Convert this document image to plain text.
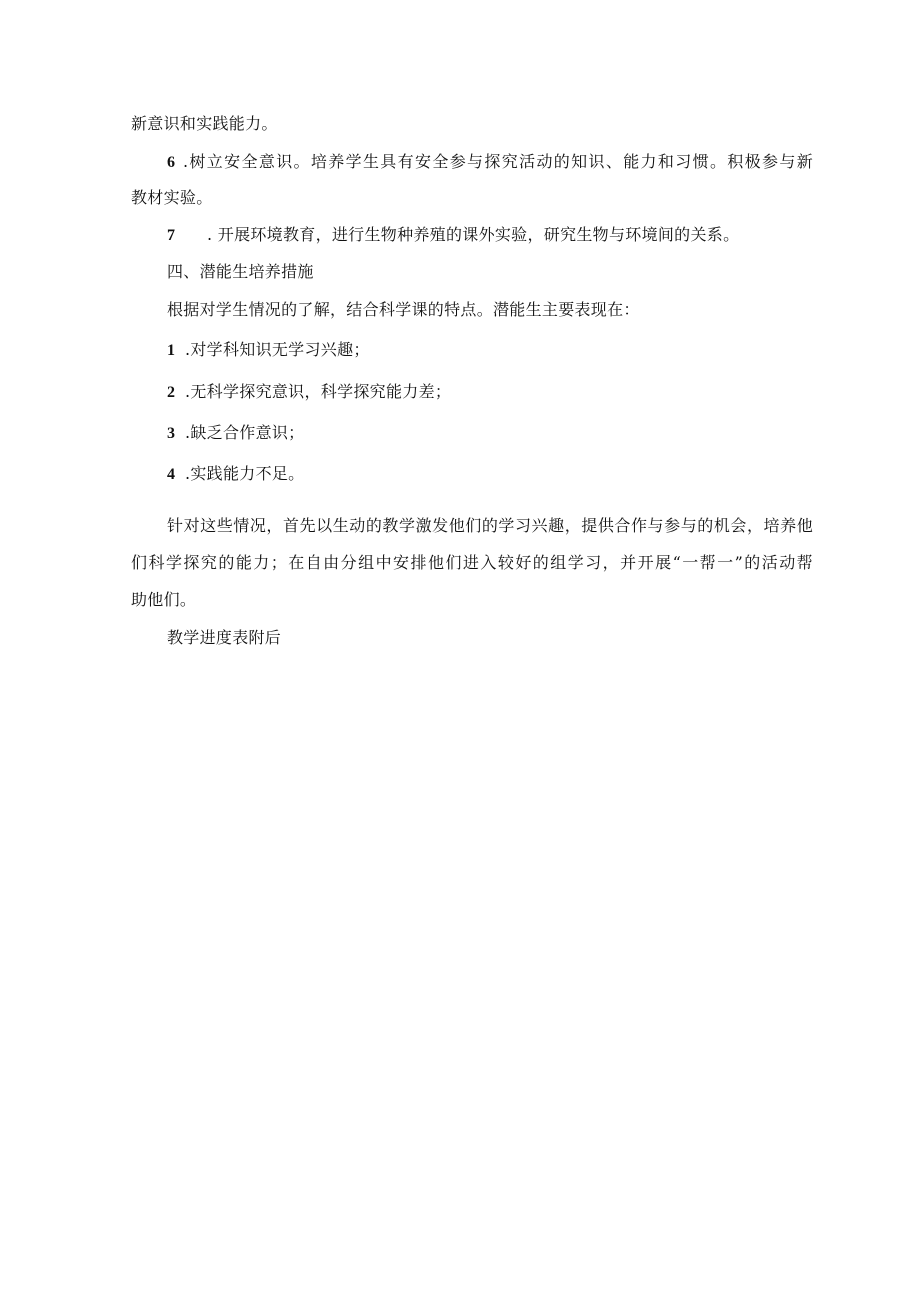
新意识和实践能力。
6 .树立安全意识。培养学生具有安全参与探究活动的知识、能力和习惯。积极参与新
教材实验。
7 . 开展环境教育，进行生物种养殖的课外实验，研究生物与环境间的关系。
四、潜能生培养措施
根据对学生情况的了解，结合科学课的特点。潜能生主要表现在：
1 .对学科知识无学习兴趣；
2 .无科学探究意识，科学探究能力差；
3 .缺乏合作意识；
4 .实践能力不足。
针对这些情况，首先以生动的教学激发他们的学习兴趣，提供合作与参与的机会，培养他
们科学探究的能力；在自由分组中安排他们进入较好的组学习，并开展“一帮一”的活动帮
助他们。
教学进度表附后
